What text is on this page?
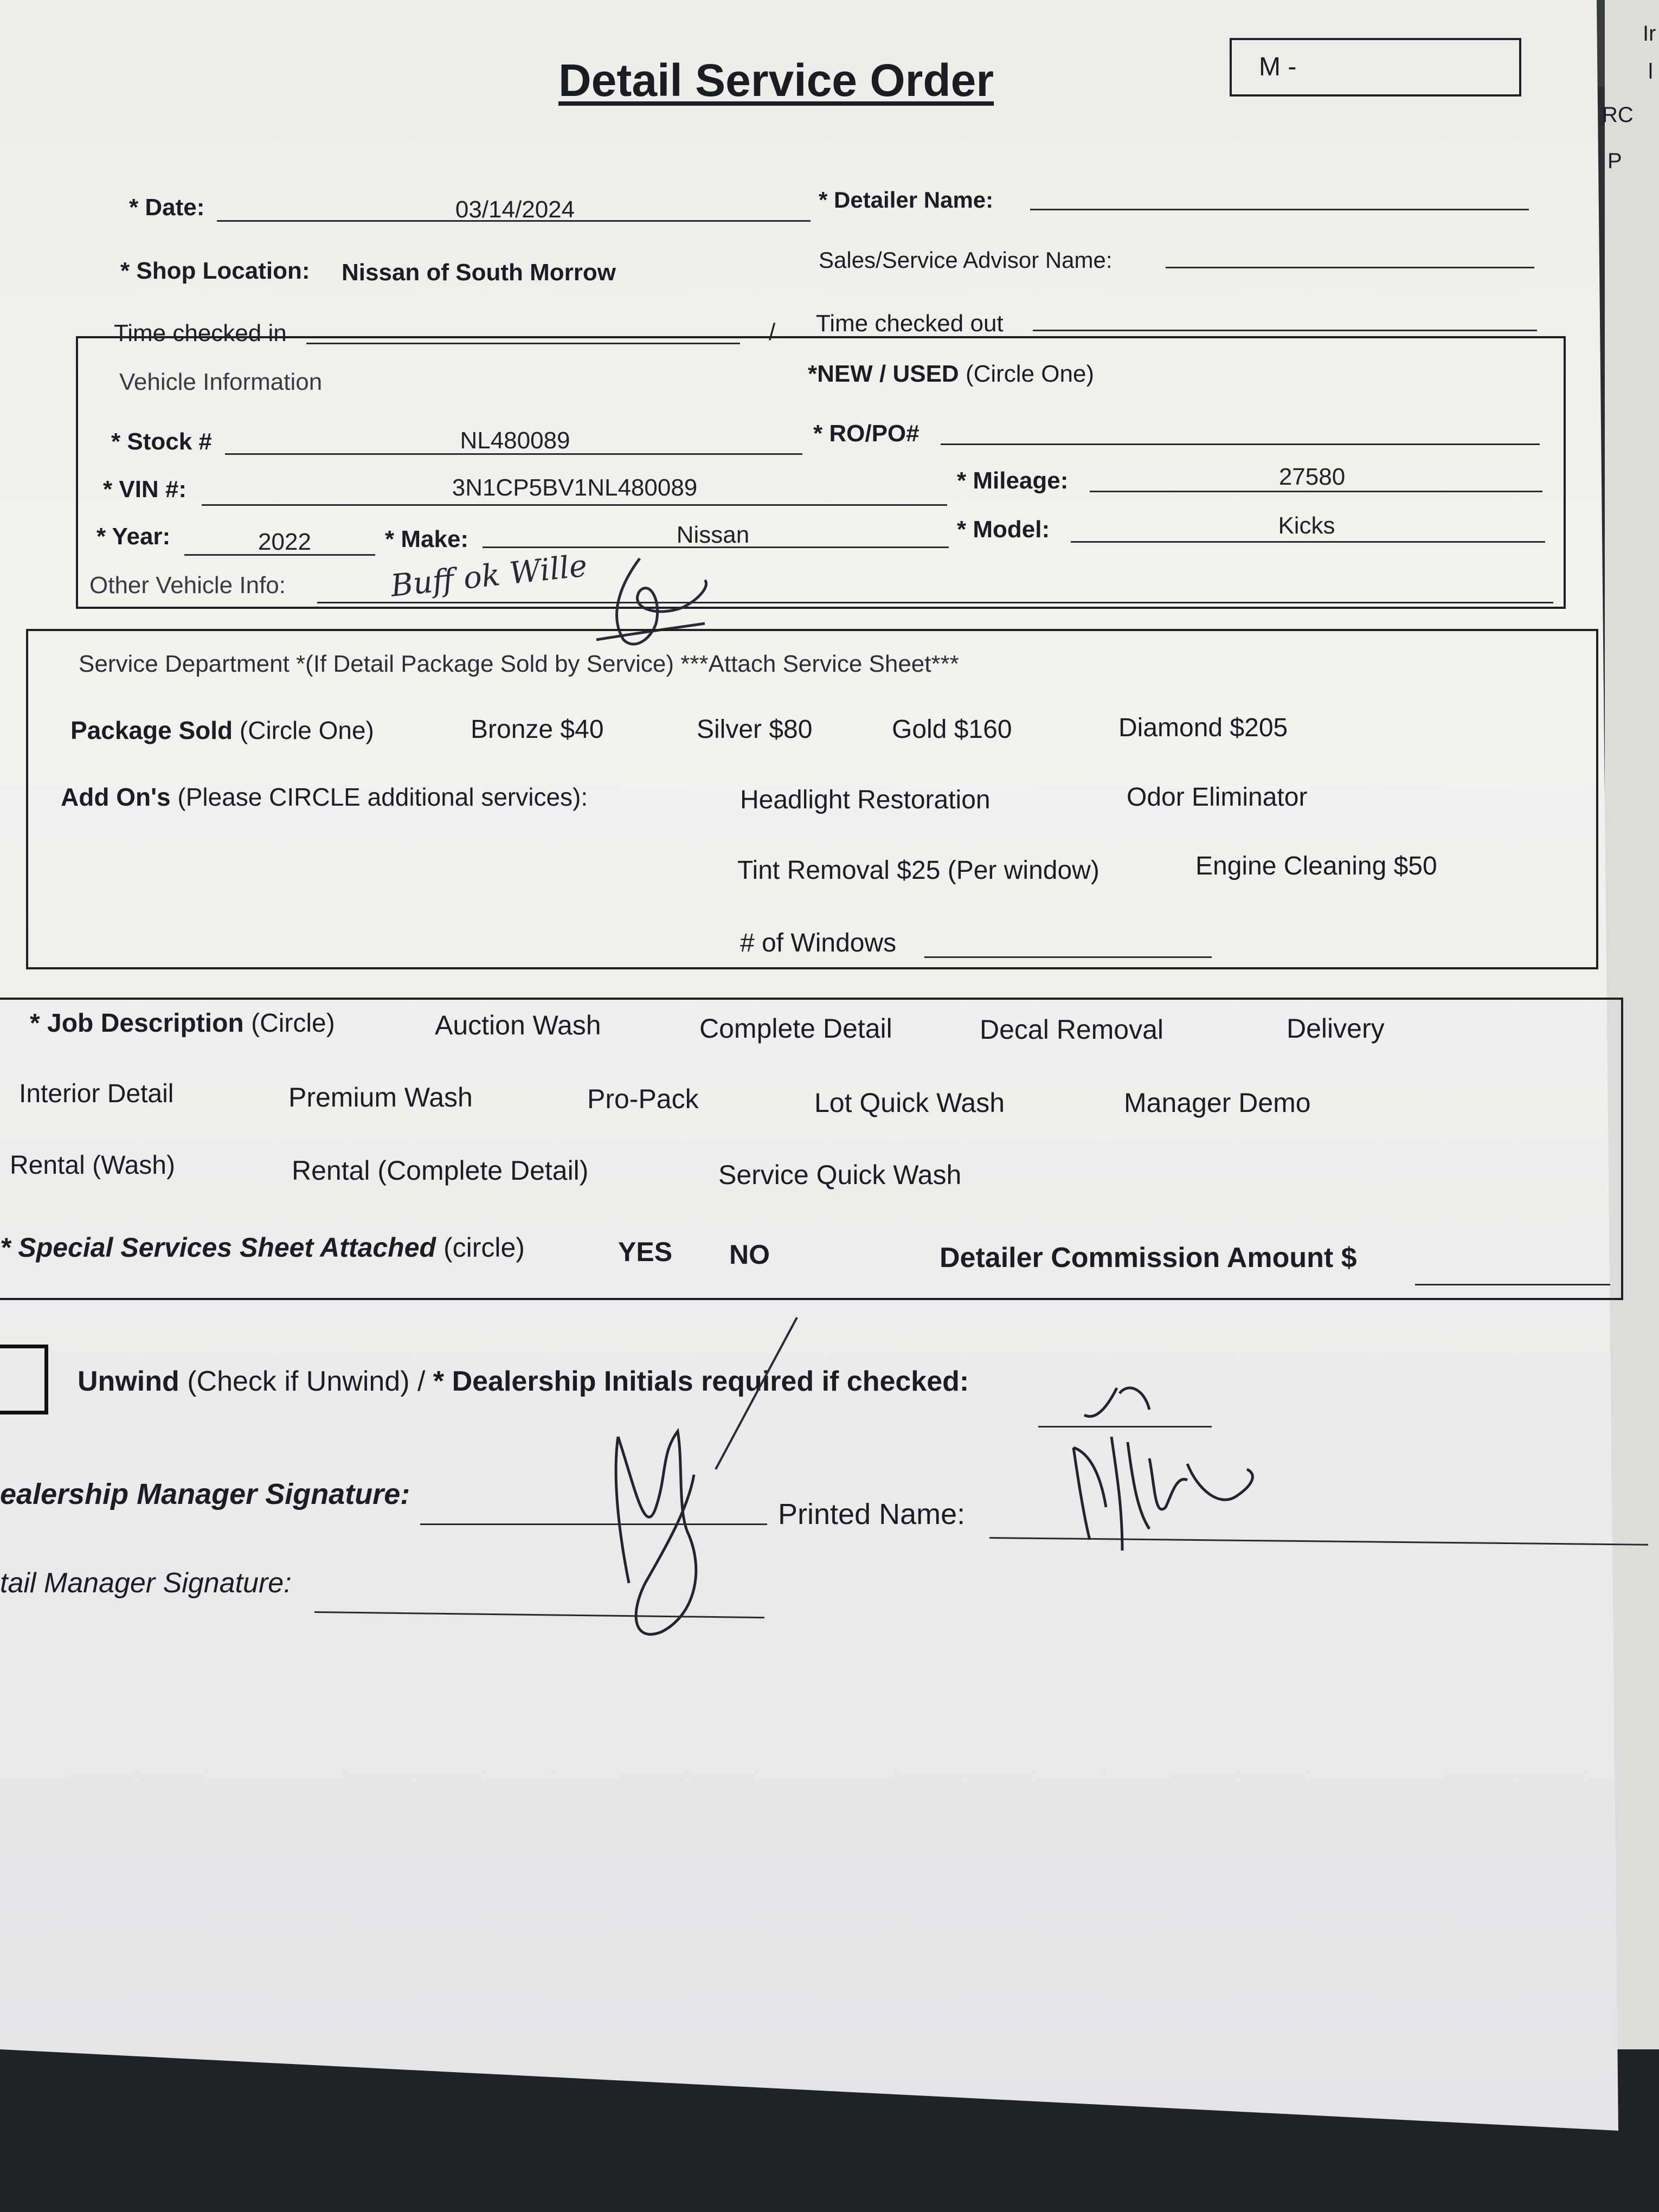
Ir
l
RC
P
Detail Service Order	M -
* Date:	03/14/2024	* Detailer Name:
* Shop Location: Nissan of South Morrow	Sales/Service Advisor Name:
Time checked in	/ Time checked out
Vehicle Information	*NEW / USED (Circle One)
* Stock #	NL480089	* RO/PO#
* VIN #:	3N1CP5BV1NL480089	* Mileage:	27580
* Year:	2022	* Make:	Nissan	* Model:	Kicks
Other Vehicle Info:	Buff ok Wille
Service Department *(If Detail Package Sold by Service) ***Attach Service Sheet***
Package Sold (Circle One)	Bronze $40	Silver $80	Gold $160	Diamond $205
Add On's (Please CIRCLE additional services):	Headlight Restoration	Odor Eliminator
Tint Removal $25 (Per window)	Engine Cleaning $50
# of Windows
* Job Description (Circle)	Auction Wash	Complete Detail	Decal Removal	Delivery
Interior Detail	Premium Wash	Pro-Pack	Lot Quick Wash	Manager Demo
Rental (Wash)	Rental (Complete Detail)	Service Quick Wash
* Special Services Sheet Attached (circle)	YES NO	Detailer Commission Amount $
Unwind (Check if Unwind) / * Dealership Initials required if checked:
ealership Manager Signature:
Printed Name:
tail Manager Signature:
